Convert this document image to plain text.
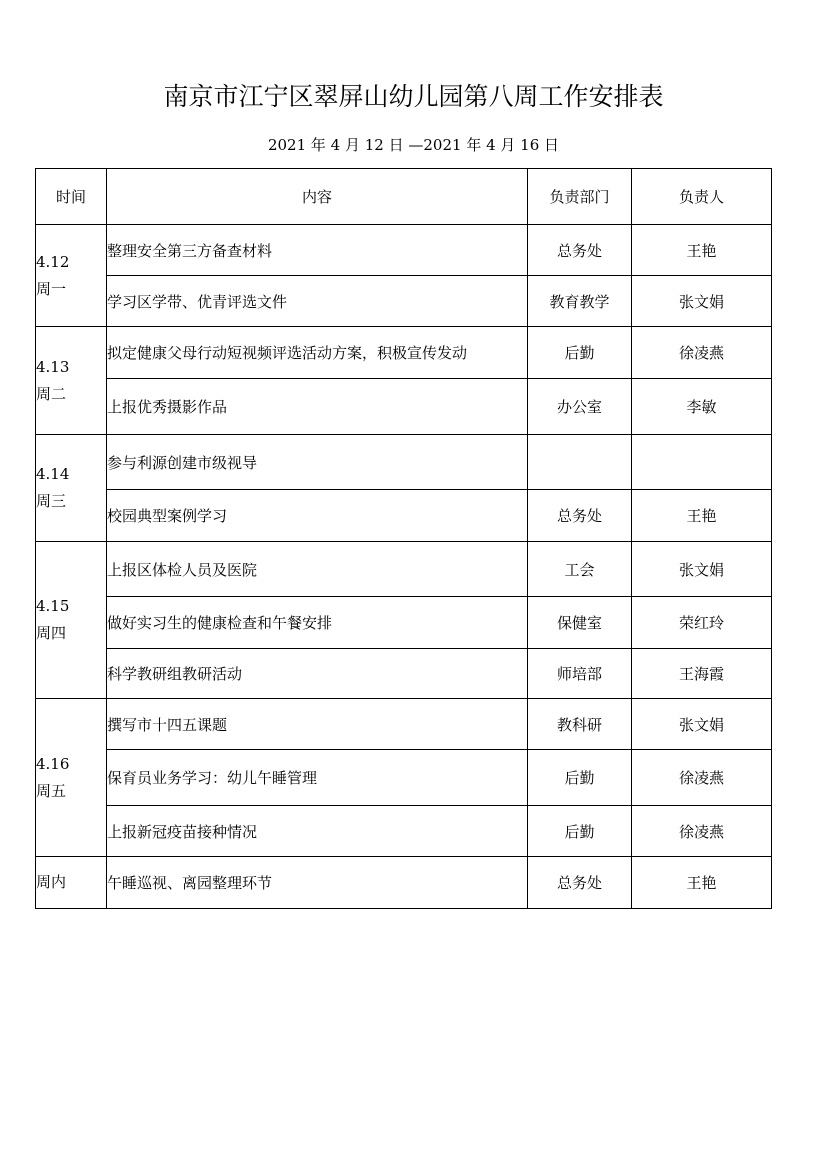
南京市江宁区翠屏山幼儿园第八周工作安排表
2021 年 4 月 12 日 —2021 年 4 月 16 日
时间	内容	负责部门	负责人

4.12
周一	整理安全第三方备查材料	总务处	王艳
	学习区学带、优青评选文件	教育教学	张文娟

4.13
周二	拟定健康父母行动短视频评选活动方案，积极宣传发动	后勤	徐凌燕
	上报优秀摄影作品	办公室	李敏

4.14
周三	参与利源创建市级视导		
	校园典型案例学习	总务处	王艳

4.15
周四	上报区体检人员及医院	工会	张文娟
	做好实习生的健康检查和午餐安排	保健室	荣红玲
	科学教研组教研活动	师培部	王海霞

4.16
周五	撰写市十四五课题	教科研	张文娟
	保育员业务学习：幼儿午睡管理	后勤	徐凌燕
	上报新冠疫苗接种情况	后勤	徐凌燕
周内	午睡巡视、离园整理环节	总务处	王艳
